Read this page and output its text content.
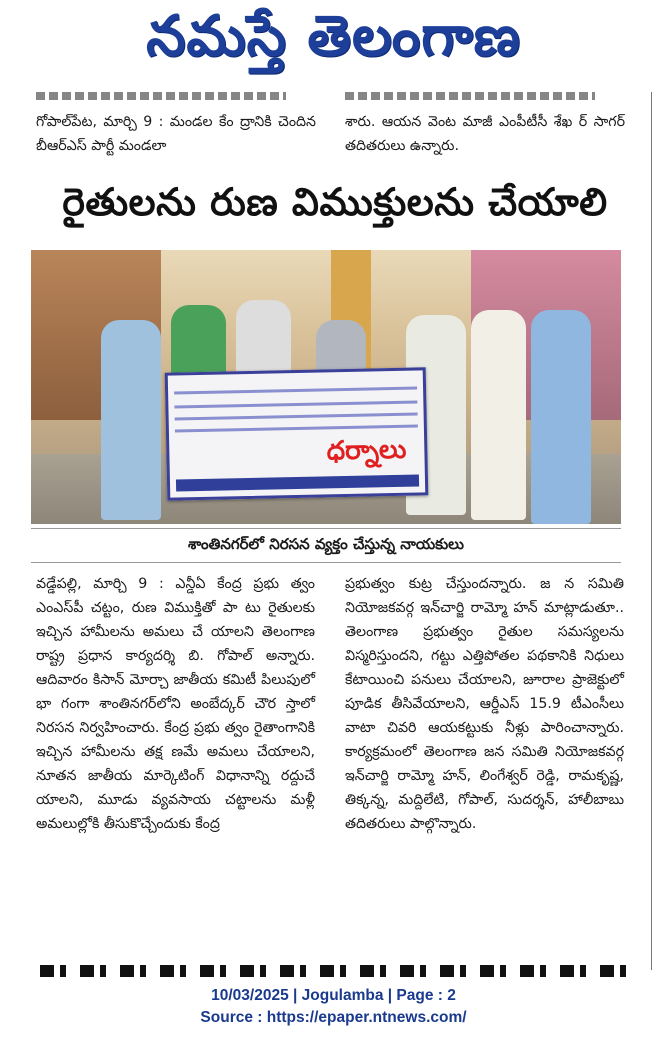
నమస్తే తెలంగాణ

గోపాల్‌పేట, మార్చి 9 : మండల కేం ద్రానికి చెందిన బీఆర్‌ఎస్ పార్టీ మండలా

శారు. ఆయన వెంట మాజీ ఎంపీటీసీ శేఖ ర్ సాగర్ తదితరులు ఉన్నారు.

రైతులను రుణ విముక్తులను చేయాలి
ధర్నాలు
శాంతినగర్‌లో నిరసన వ్యక్తం చేస్తున్న నాయకులు

వడ్డేపల్లి, మార్చి 9 : ఎన్డీఏ కేంద్ర ప్రభు త్వం ఎంఎస్‌పీ చట్టం, రుణ విముక్తితో పా టు రైతులకు ఇచ్చిన హామీలను అమలు చే యాలని తెలంగాణ రాష్ట్ర ప్రధాన కార్యదర్శి బి. గోపాల్ అన్నారు. ఆదివారం కిసాన్ మోర్చా జాతీయ కమిటీ పిలుపులో భా గంగా శాంతినగర్‌లోని అంబేద్కర్ చౌర స్తాలో నిరసన నిర్వహించారు. కేంద్ర ప్రభు త్వం రైతాంగానికి ఇచ్చిన హామీలను తక్ష ణమే అమలు చేయాలని, నూతన జాతీయ మార్కెటింగ్ విధానాన్ని రద్దుచే యాలని, మూడు వ్యవసాయ చట్టాలను మళ్లీ అమలుల్లోకి తీసుకొచ్చేందుకు కేంద్ర

ప్రభుత్వం కుట్ర చేస్తుందన్నారు. జ న సమితి నియోజకవర్గ ఇన్‌చార్జి రామ్మో హన్ మాట్లాడుతూ.. తెలంగాణ ప్రభుత్వం రైతుల సమస్యలను విస్మరిస్తుందని, గట్టు ఎత్తిపోతల పథకానికి నిధులు కేటాయించి పనులు చేయాలని, జూరాల ప్రాజెక్టులో పూడిక తీసివేయాలని, ఆర్డీఎస్ 15.9 టీఎంసీలు వాటా చివరి ఆయకట్టుకు నీళ్లు పారించాన్నారు. కార్యక్రమంలో తెలంగాణ జన సమితి నియోజకవర్గ ఇన్‌చార్జి రామ్మో హన్, లింగేశ్వర్ రెడ్డి, రామకృష్ణ, తిక్కన్న, మద్దిలేటి, గోపాల్, సుదర్శన్, హాలీబాబు తదితరులు పాల్గొన్నారు.

10/03/2025 | Jogulamba | Page : 2
Source : https://epaper.ntnews.com/
